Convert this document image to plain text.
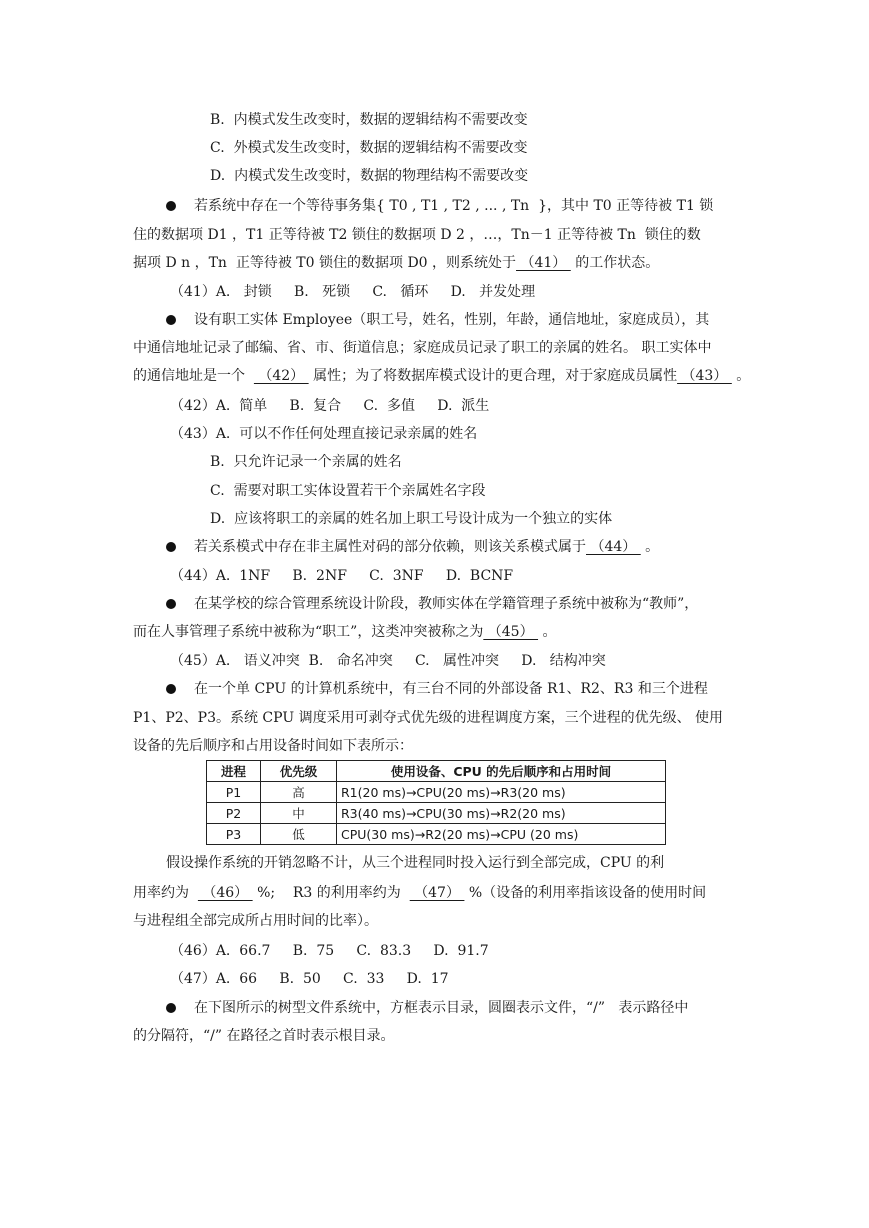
B.  内模式发生改变时，数据的逻辑结构不需要改变
C.  外模式发生改变时，数据的逻辑结构不需要改变
D.  内模式发生改变时，数据的物理结构不需要改变
若系统中存在一个等待事务集{ T0 , T1 , T2 , ... , Tn  }，其中 T0 正等待被 T1 锁
住的数据项 D1 ，T1 正等待被 T2 锁住的数据项 D 2 ，…，Tn－1 正等待被 Tn  锁住的数
据项 D n ，Tn  正等待被 T0 锁住的数据项 D0 ，则系统处于 （41）  的工作状态。
（41）A.   封锁     B.   死锁     C.   循环     D.   并发处理
设有职工实体 Employee（职工号，姓名，性别，年龄，通信地址，家庭成员），其
中通信地址记录了邮编、省、市、街道信息；家庭成员记录了职工的亲属的姓名。 职工实体中
的通信地址是一个   （42）  属性；为了将数据库模式设计的更合理，对于家庭成员属性 （43）  。
（42）A.  简单     B.  复合     C.  多值     D.  派生
（43）A.  可以不作任何处理直接记录亲属的姓名
B.  只允许记录一个亲属的姓名
C.  需要对职工实体设置若干个亲属姓名字段
D.  应该将职工的亲属的姓名加上职工号设计成为一个独立的实体
若关系模式中存在非主属性对码的部分依赖，则该关系模式属于 （44）  。
（44）A.  1NF     B.  2NF     C.  3NF     D.  BCNF
在某学校的综合管理系统设计阶段，教师实体在学籍管理子系统中被称为“教师”，
而在人事管理子系统中被称为“职工”，这类冲突被称之为 （45）  。
（45）A.   语义冲突  B.   命名冲突     C.   属性冲突     D.   结构冲突
在一个单 CPU 的计算机系统中，有三台不同的外部设备 R1、R2、R3 和三个进程
P1、P2、P3。系统 CPU 调度采用可剥夺式优先级的进程调度方案，三个进程的优先级、 使用
设备的先后顺序和占用设备时间如下表所示：
进程	优先级	使用设备、CPU 的先后顺序和占用时间
P1	高	R1(20 ms)→CPU(20 ms)→R3(20 ms)
P2	中	R3(40 ms)→CPU(30 ms)→R2(20 ms)
P3	低	CPU(30 ms)→R2(20 ms)→CPU (20 ms)
假设操作系统的开销忽略不计，从三个进程同时投入运行到全部完成，CPU 的利
用率约为   （46）  %;    R3 的利用率约为   （47）  %（设备的利用率指该设备的使用时间
与进程组全部完成所占用时间的比率）。
（46）A.  66.7     B.  75     C.  83.3     D.  91.7
（47）A.  66     B.  50     C.  33     D.  17
在下图所示的树型文件系统中，方框表示目录，圆圈表示文件，“/”   表示路径中
的分隔符，“/” 在路径之首时表示根目录。
